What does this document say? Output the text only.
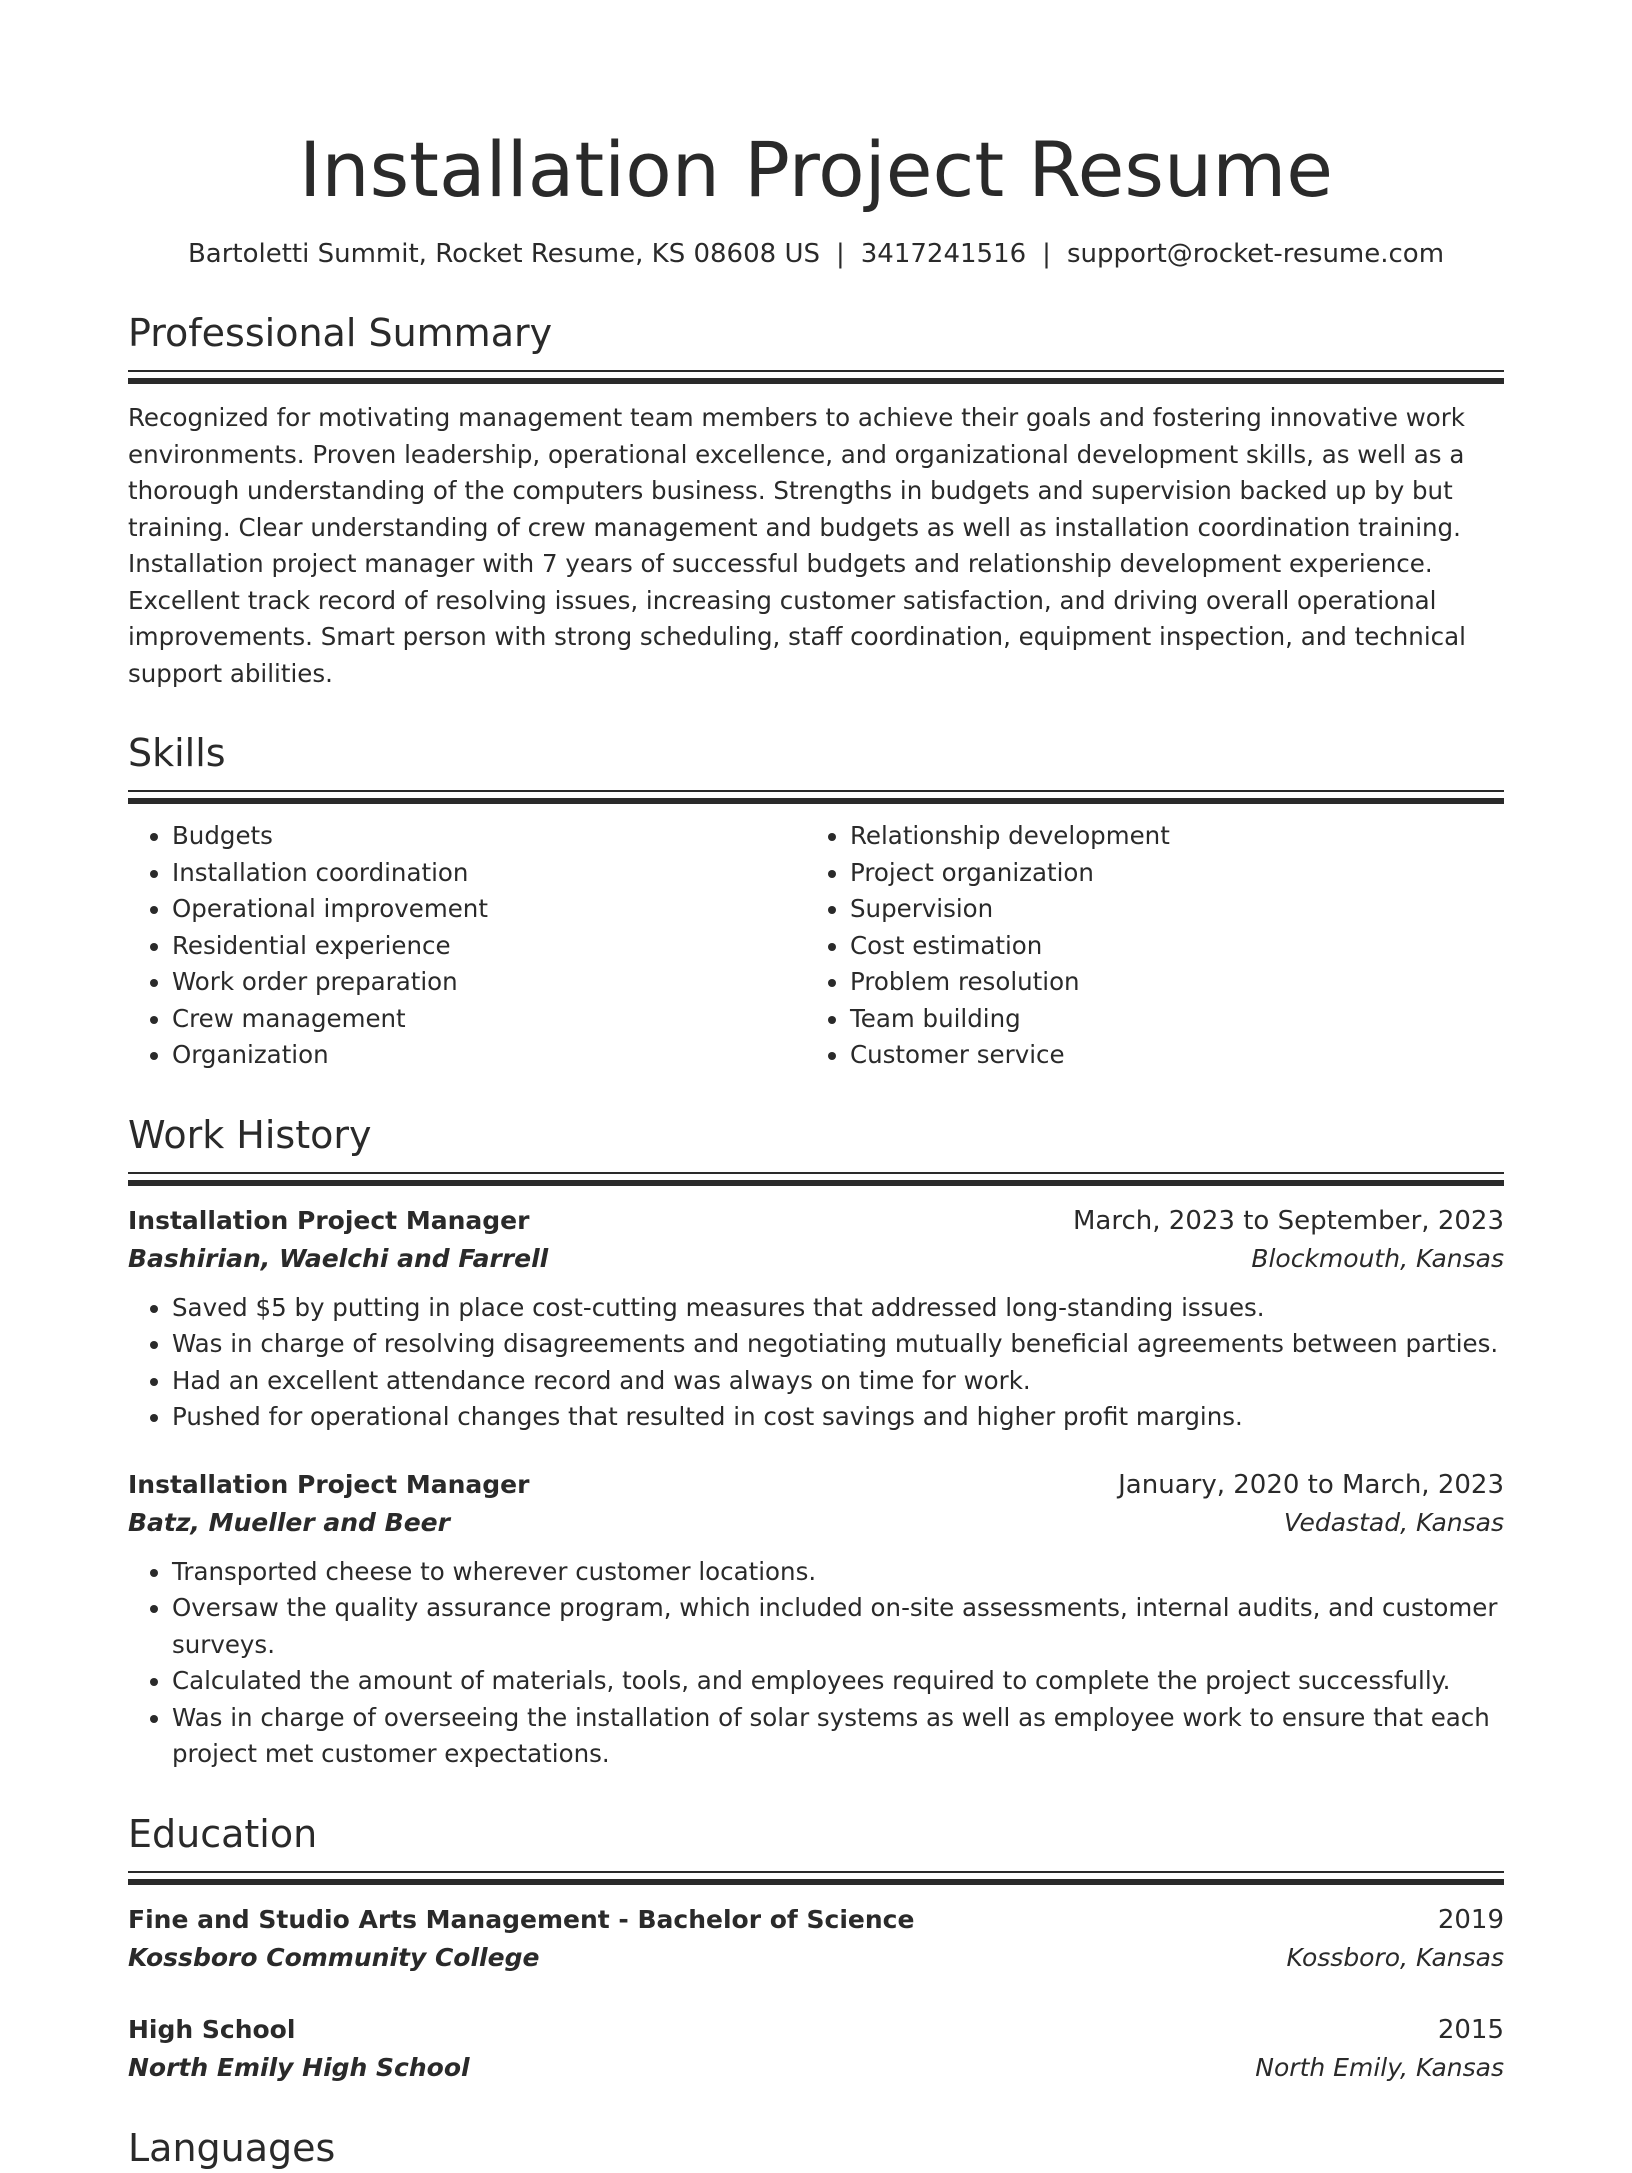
Installation Project Resume
Bartoletti Summit, Rocket Resume, KS 08608 US | 3417241516 | support@rocket-resume.com
Professional Summary

Recognized for motivating management team members to achieve their goals and fostering innovative work environments. Proven leadership, operational excellence, and organizational development skills, as well as a thorough understanding of the computers business. Strengths in budgets and supervision backed up by but training. Clear understanding of crew management and budgets as well as installation coordination training. Installation project manager with 7 years of successful budgets and relationship development experience. Excellent track record of resolving issues, increasing customer satisfaction, and driving overall operational improvements. Smart person with strong scheduling, staff coordination, equipment inspection, and technical support abilities.

Skills
• Budgets
• Installation coordination
• Operational improvement
• Residential experience
• Work order preparation
• Crew management
• Organization
• Relationship development
• Project organization
• Supervision
• Cost estimation
• Problem resolution
• Team building
• Customer service
Work History
Installation Project Manager	March, 2023 to September, 2023
Bashirian, Waelchi and Farrell	Blockmouth, Kansas
• Saved $5 by putting in place cost-cutting measures that addressed long-standing issues.
• Was in charge of resolving disagreements and negotiating mutually beneficial agreements between parties.
• Had an excellent attendance record and was always on time for work.
• Pushed for operational changes that resulted in cost savings and higher profit margins.
Installation Project Manager	January, 2020 to March, 2023
Batz, Mueller and Beer	Vedastad, Kansas
• Transported cheese to wherever customer locations.
• Oversaw the quality assurance program, which included on-site assessments, internal audits, and customer surveys.
• Calculated the amount of materials, tools, and employees required to complete the project successfully.
• Was in charge of overseeing the installation of solar systems as well as employee work to ensure that each project met customer expectations.
Education
Fine and Studio Arts Management - Bachelor of Science	2019
Kossboro Community College	Kossboro, Kansas
High School	2015
North Emily High School	North Emily, Kansas
Languages
